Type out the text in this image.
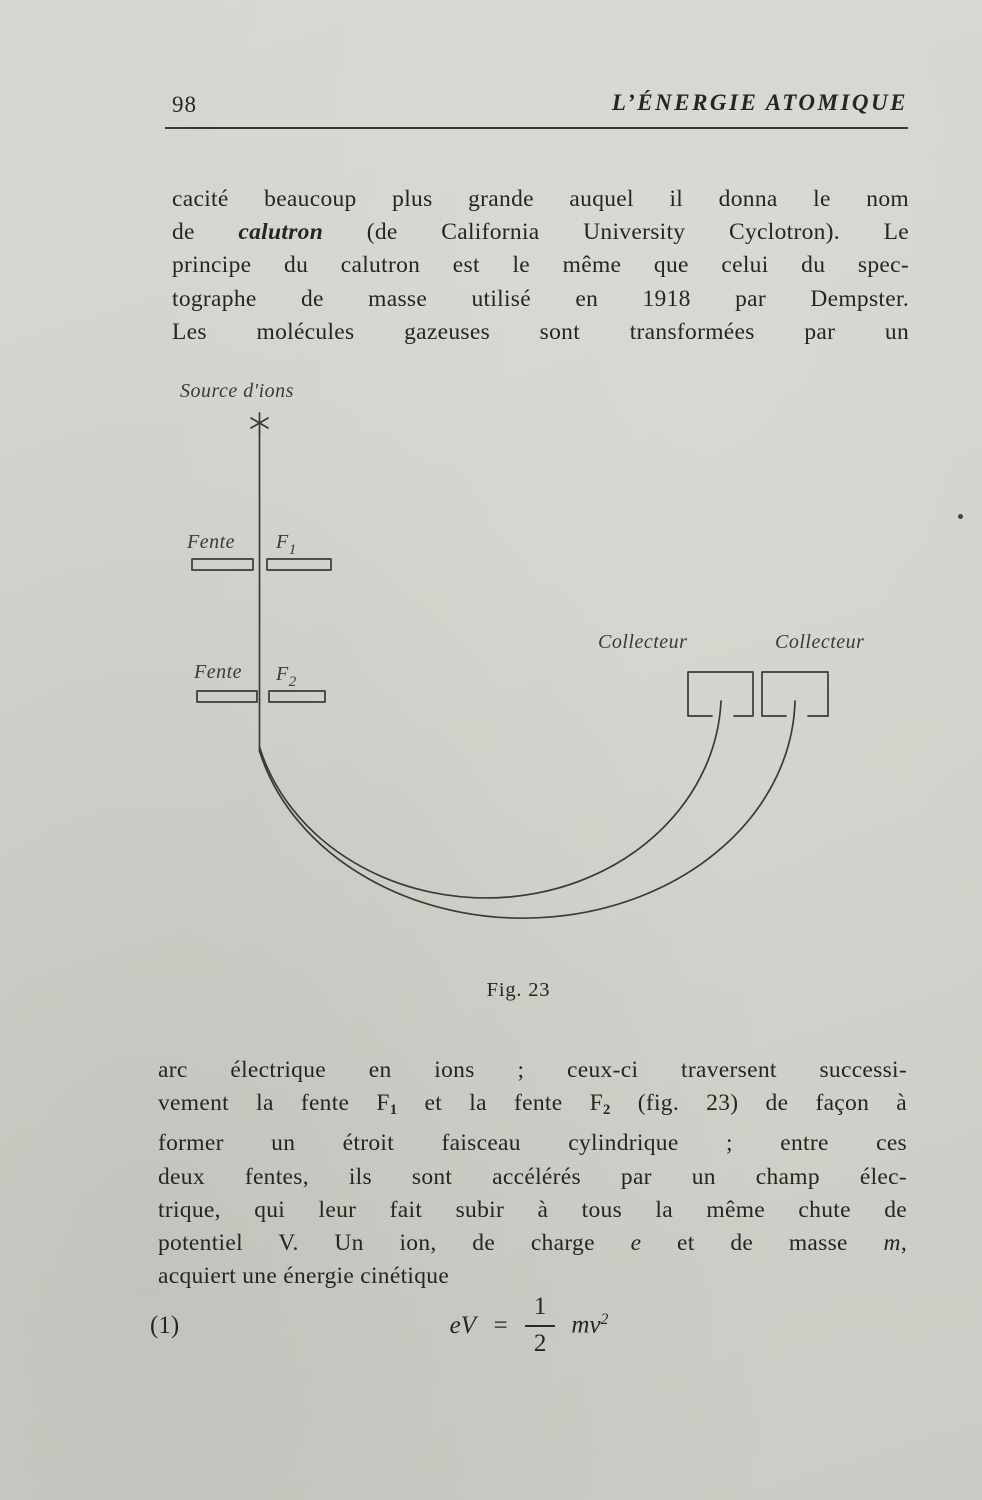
98	L’ÉNERGIE ATOMIQUE
cacité beaucoup plus grande auquel il donna le nom
de calutron (de California University Cyclotron). Le
principe du calutron est le même que celui du spec-
tographe de masse utilisé en 1918 par Dempster.
Les molécules gazeuses sont transformées par un
Source d'ions
Fente $F_1$
Fente $F_2$
Collecteur	Collecteur
Fig. 23
arc électrique en ions ; ceux-ci traversent successi-
vement la fente F1 et la fente F2 (fig. 23) de façon à
former un étroit faisceau cylindrique ; entre ces
deux fentes, ils sont accélérés par un champ élec-
trique, qui leur fait subir à tous la même chute de
potentiel V. Un ion, de charge e et de masse m,
acquiert une énergie cinétique
(1)	eV = $\frac{1}{2} mv^2$
